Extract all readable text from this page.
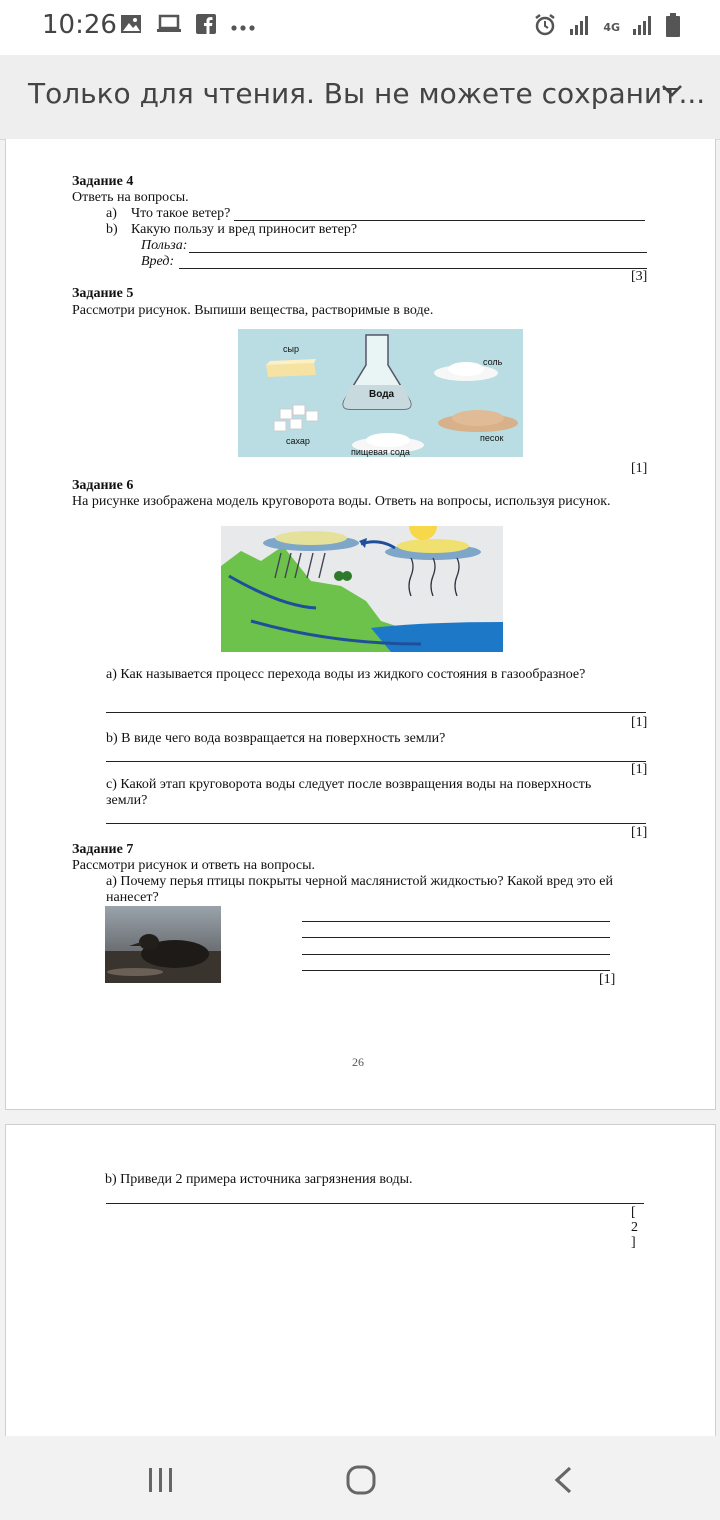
10:26	4G
Только для чтения. Вы не можете сохранит...
Задание 4
Ответь на вопросы.
a) Что такое ветер?
b) Какую пользу и вред приносит ветер?
Польза:
Вред:
[3]
Задание 5
Рассмотри рисунок. Выпиши вещества, растворимые в воде.
сыр
Вода
соль
сахар	песок
пищевая сода
[1]
Задание 6
На рисунке изображена модель круговорота воды. Ответь на вопросы, используя рисунок.
а) Как называется процесс перехода воды из жидкого состояния в газообразное?
[1]
b) В виде чего вода возвращается на поверхность земли?
[1]
c) Какой этап круговорота воды следует после возвращения воды на поверхность
земли?
[1]
Задание 7
Рассмотри рисунок и ответь на вопросы.
а) Почему перья птицы покрыты черной маслянистой жидкостью? Какой вред это ей
нанесет?
[1]
26
b) Приведи 2 примера источника загрязнения воды.
[
2
]
